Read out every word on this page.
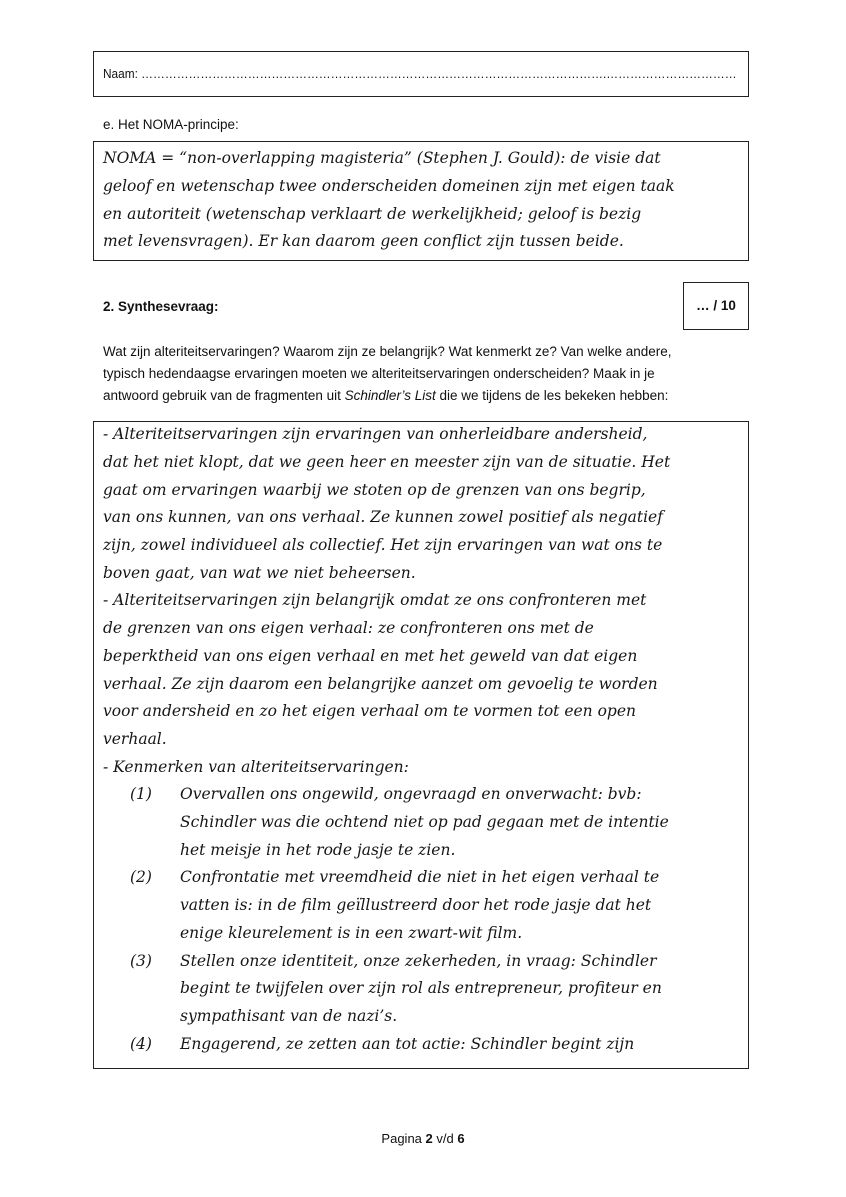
Naam: ……………………………………………………………………………………………………….……………………………
e. Het NOMA-principe:
NOMA = “non-overlapping magisteria” (Stephen J. Gould): de visie dat
geloof en wetenschap twee onderscheiden domeinen zijn met eigen taak
en autoriteit (wetenschap verklaart de werkelijkheid; geloof is bezig
met levensvragen). Er kan daarom geen conflict zijn tussen beide.
2. Synthesevraag:	… / 10
Wat zijn alteriteitservaringen? Waarom zijn ze belangrijk? Wat kenmerkt ze? Van welke andere,
typisch hedendaagse ervaringen moeten we alteriteitservaringen onderscheiden? Maak in je
antwoord gebruik van de fragmenten uit Schindler’s List die we tijdens de les bekeken hebben:
- Alteriteitservaringen zijn ervaringen van onherleidbare andersheid,
dat het niet klopt, dat we geen heer en meester zijn van de situatie. Het
gaat om ervaringen waarbij we stoten op de grenzen van ons begrip,
van ons kunnen, van ons verhaal. Ze kunnen zowel positief als negatief
zijn, zowel individueel als collectief. Het zijn ervaringen van wat ons te
boven gaat, van wat we niet beheersen.
- Alteriteitservaringen zijn belangrijk omdat ze ons confronteren met
de grenzen van ons eigen verhaal: ze confronteren ons met de
beperktheid van ons eigen verhaal en met het geweld van dat eigen
verhaal. Ze zijn daarom een belangrijke aanzet om gevoelig te worden
voor andersheid en zo het eigen verhaal om te vormen tot een open
verhaal.
- Kenmerken van alteriteitservaringen:
(1) Overvallen ons ongewild, ongevraagd en onverwacht: bvb:
Schindler was die ochtend niet op pad gegaan met de intentie
het meisje in het rode jasje te zien.
(2) Confrontatie met vreemdheid die niet in het eigen verhaal te
vatten is: in de film geïllustreerd door het rode jasje dat het
enige kleurelement is in een zwart-wit film.
(3) Stellen onze identiteit, onze zekerheden, in vraag: Schindler
begint te twijfelen over zijn rol als entrepreneur, profiteur en
sympathisant van de nazi’s.
(4) Engagerend, ze zetten aan tot actie: Schindler begint zijn
Pagina 2 v/d 6
